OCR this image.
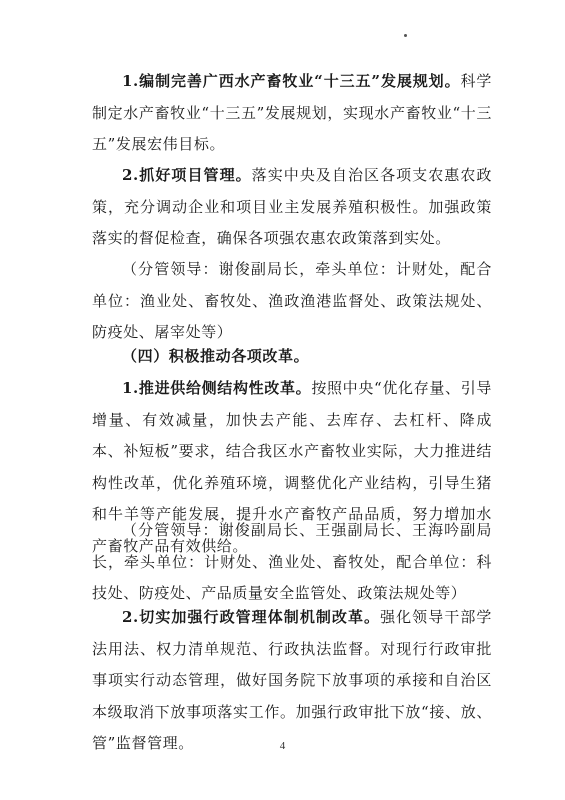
1.编制完善广西水产畜牧业“十三五”发展规划。科学制定水产畜牧业“十三五”发展规划，实现水产畜牧业“十三五”发展宏伟目标。

2.抓好项目管理。落实中央及自治区各项支农惠农政策，充分调动企业和项目业主发展养殖积极性。加强政策落实的督促检查，确保各项强农惠农政策落到实处。

（分管领导：谢俊副局长，牵头单位：计财处，配合单位：渔业处、畜牧处、渔政渔港监督处、政策法规处、防疫处、屠宰处等）

（四）积极推动各项改革。

1.推进供给侧结构性改革。按照中央“优化存量、引导增量、有效减量，加快去产能、去库存、去杠杆、降成本、补短板”要求，结合我区水产畜牧业实际，大力推进结构性改革，优化养殖环境，调整优化产业结构，引导生猪和牛羊等产能发展，提升水产畜牧产品品质，努力增加水产畜牧产品有效供给。

（分管领导：谢俊副局长、王强副局长、王海吟副局长，牵头单位：计财处、渔业处、畜牧处，配合单位：科技处、防疫处、产品质量安全监管处、政策法规处等）

2.切实加强行政管理体制机制改革。强化领导干部学法用法、权力清单规范、行政执法监督。对现行行政审批事项实行动态管理，做好国务院下放事项的承接和自治区本级取消下放事项落实工作。加强行政审批下放“接、放、管”监督管理。	4
